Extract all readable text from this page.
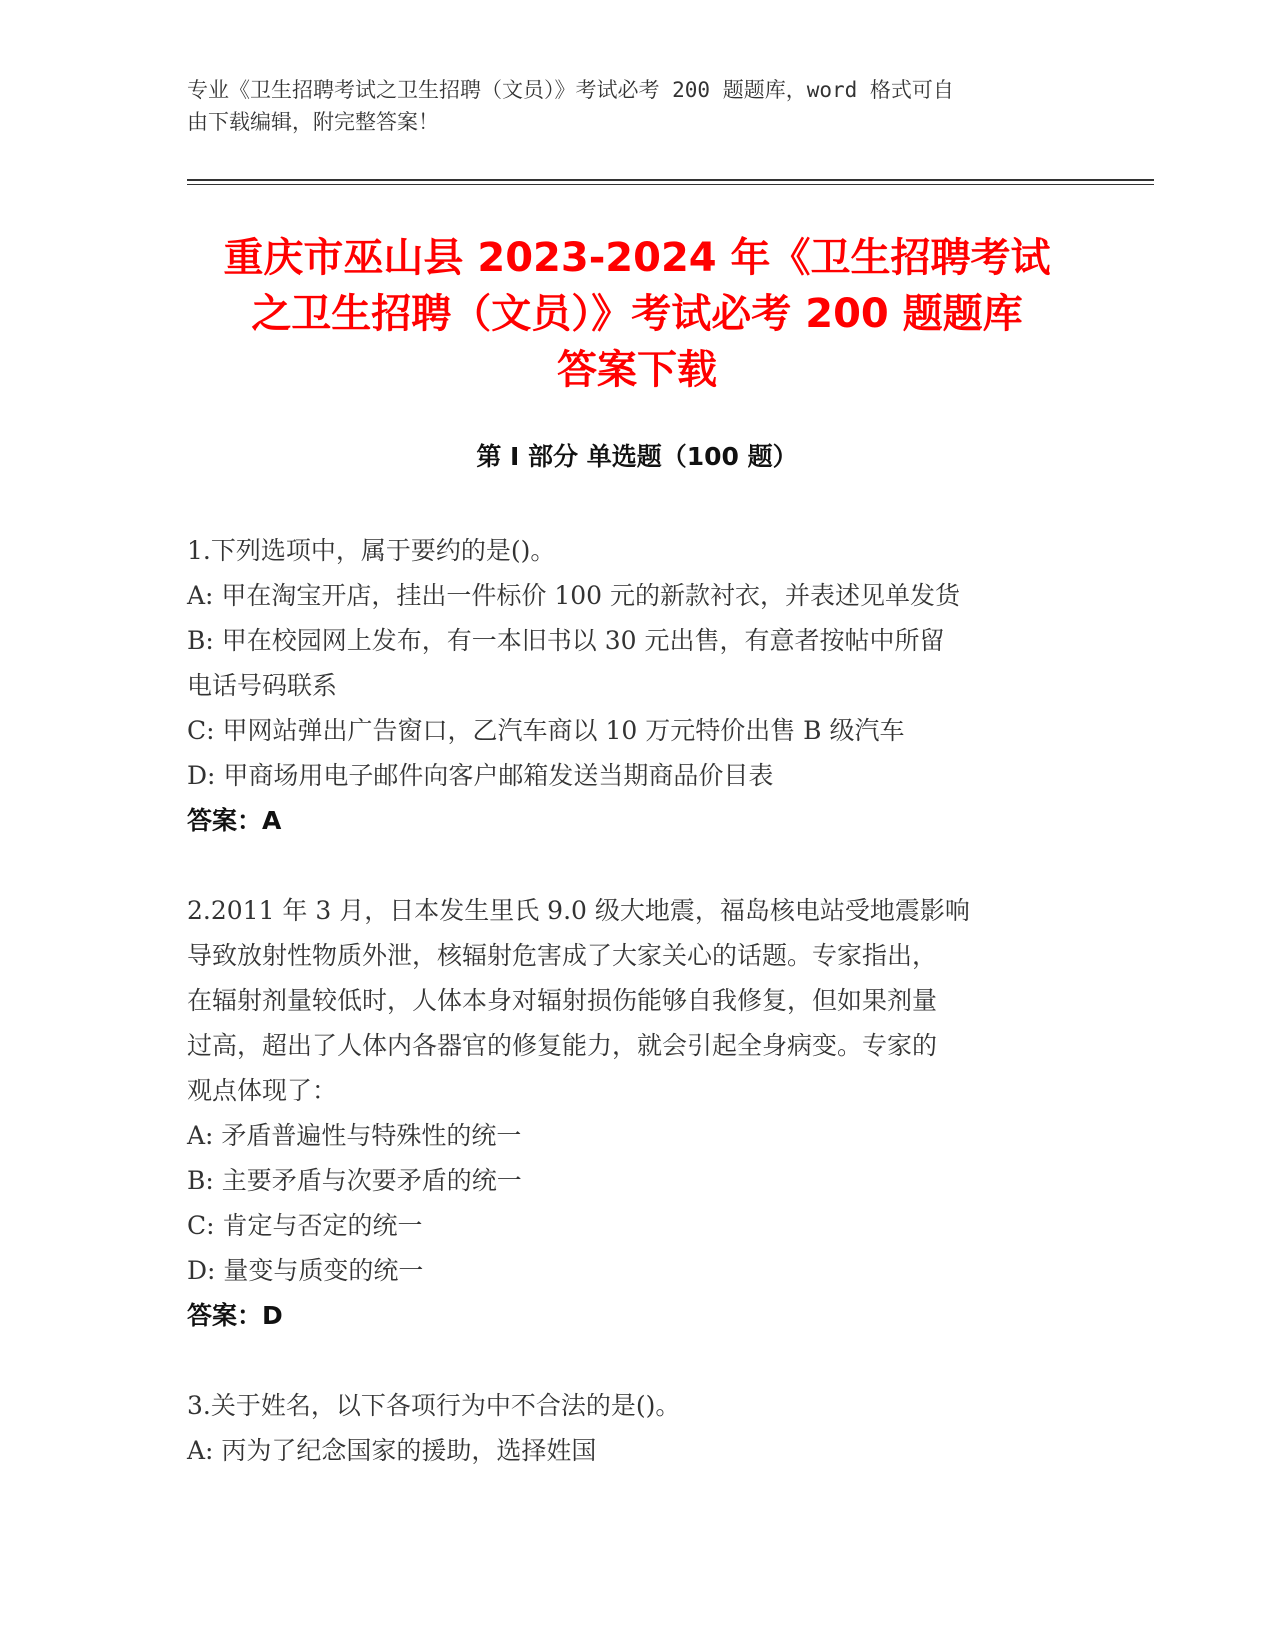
专业《卫生招聘考试之卫生招聘（文员）》考试必考 200 题题库，word 格式可自
由下载编辑，附完整答案！
重庆市巫山县 2023-2024 年《卫生招聘考试
之卫生招聘（文员）》考试必考 200 题题库
答案下载
第 I 部分 单选题（100 题）
1.下列选项中，属于要约的是()。
A: 甲在淘宝开店，挂出一件标价 100 元的新款衬衣，并表述见单发货
B: 甲在校园网上发布，有一本旧书以 30 元出售，有意者按帖中所留
电话号码联系
C: 甲网站弹出广告窗口，乙汽车商以 10 万元特价出售 B 级汽车
D: 甲商场用电子邮件向客户邮箱发送当期商品价目表
答案：A
2.2011 年 3 月，日本发生里氏 9.0 级大地震，福岛核电站受地震影响
导致放射性物质外泄，核辐射危害成了大家关心的话题。专家指出，
在辐射剂量较低时，人体本身对辐射损伤能够自我修复，但如果剂量
过高，超出了人体内各器官的修复能力，就会引起全身病变。专家的
观点体现了：
A: 矛盾普遍性与特殊性的统一
B: 主要矛盾与次要矛盾的统一
C: 肯定与否定的统一
D: 量变与质变的统一
答案：D
3.关于姓名，以下各项行为中不合法的是()。
A: 丙为了纪念国家的援助，选择姓国
